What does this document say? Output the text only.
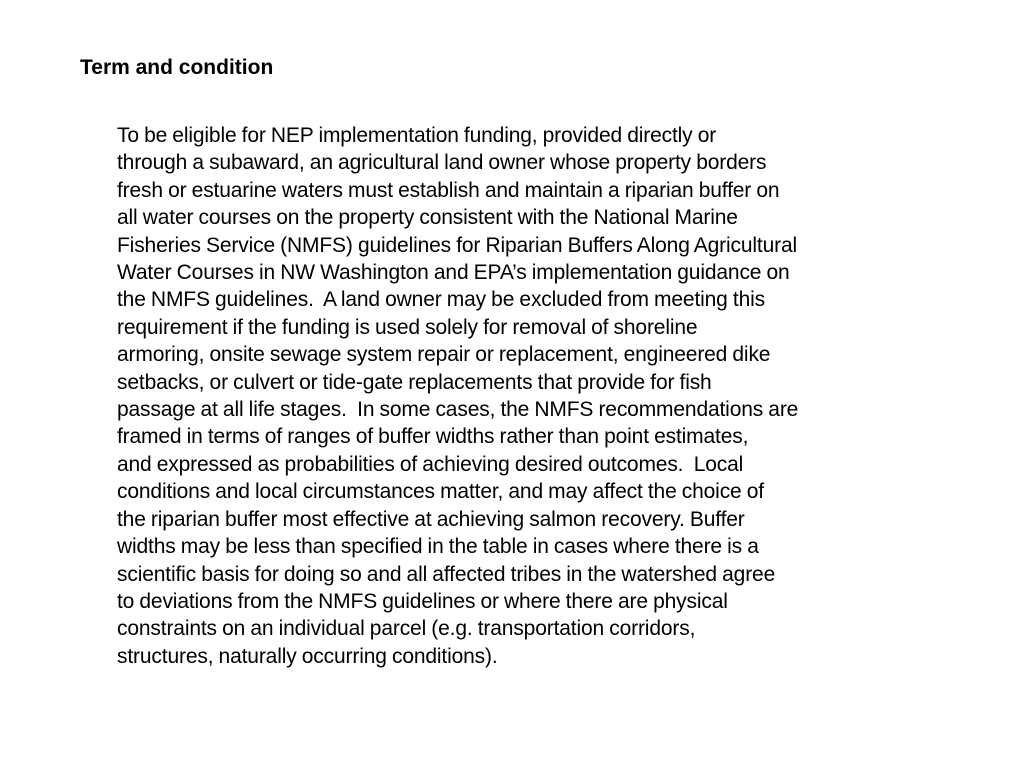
Term and condition

To be eligible for NEP implementation funding, provided directly or
through a subaward, an agricultural land owner whose property borders
fresh or estuarine waters must establish and maintain a riparian buffer on
all water courses on the property consistent with the National Marine
Fisheries Service (NMFS) guidelines for Riparian Buffers Along Agricultural
Water Courses in NW Washington and EPA’s implementation guidance on
the NMFS guidelines.  A land owner may be excluded from meeting this
requirement if the funding is used solely for removal of shoreline
armoring, onsite sewage system repair or replacement, engineered dike
setbacks, or culvert or tide-gate replacements that provide for fish
passage at all life stages.  In some cases, the NMFS recommendations are
framed in terms of ranges of buffer widths rather than point estimates,
and expressed as probabilities of achieving desired outcomes.  Local
conditions and local circumstances matter, and may affect the choice of
the riparian buffer most effective at achieving salmon recovery. Buffer
widths may be less than specified in the table in cases where there is a
scientific basis for doing so and all affected tribes in the watershed agree
to deviations from the NMFS guidelines or where there are physical
constraints on an individual parcel (e.g. transportation corridors,
structures, naturally occurring conditions).
